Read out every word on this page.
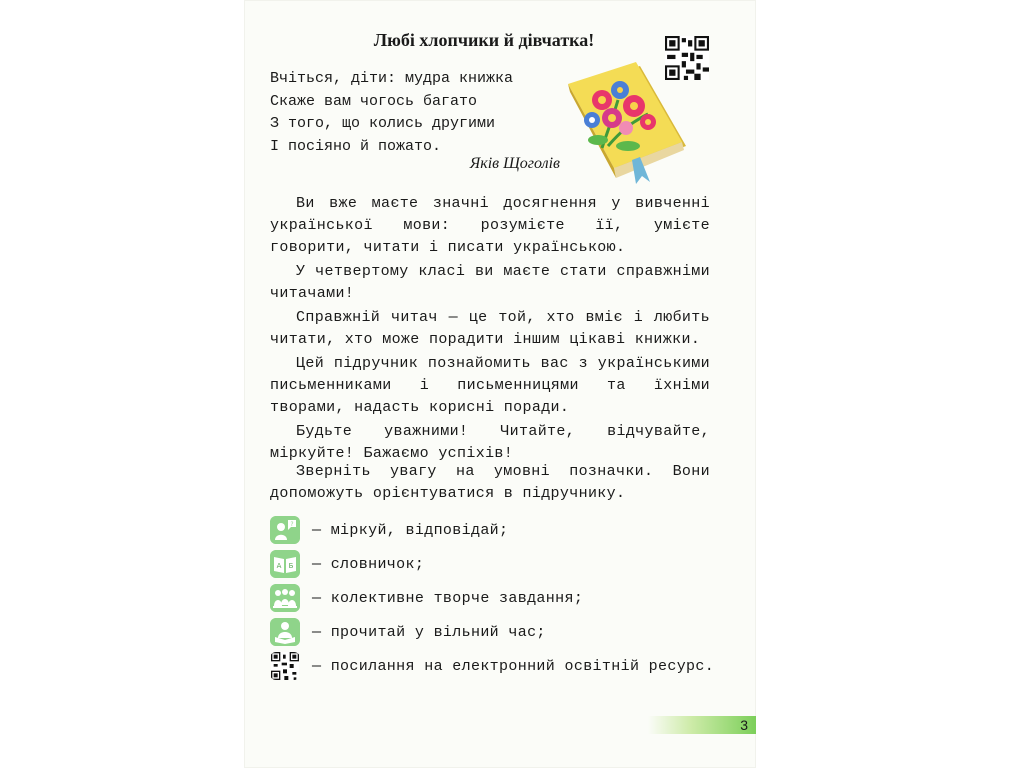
Любі хлопчики й дівчатка!
Вчіться, діти: мудра книжка
Скаже вам чогось багато
З того, що колись другими
І посіяно й пожато.
Яків Щоголів

Ви вже маєте значні досягнення у вивченні української мови: розумієте її, умієте говорити, читати і писати українською.

У четвертому класі ви маєте стати справжніми читачами!

Справжній читач — це той, хто вміє і любить читати, хто може порадити іншим цікаві книжки.

Цей підручник познайомить вас з українськими письменниками і письменницями та їхніми творами, надасть корисні поради.

Будьте уважними! Читайте, відчувайте, міркуйте! Бажаємо успіхів!

Зверніть увагу на умовні позначки. Вони допоможуть орієнтуватися в підручнику.
? — міркуй, відповідай;
А Б — словничок;
— колективне творче завдання;
— прочитай у вільний час;
— посилання на електронний освітній ресурс.
3
